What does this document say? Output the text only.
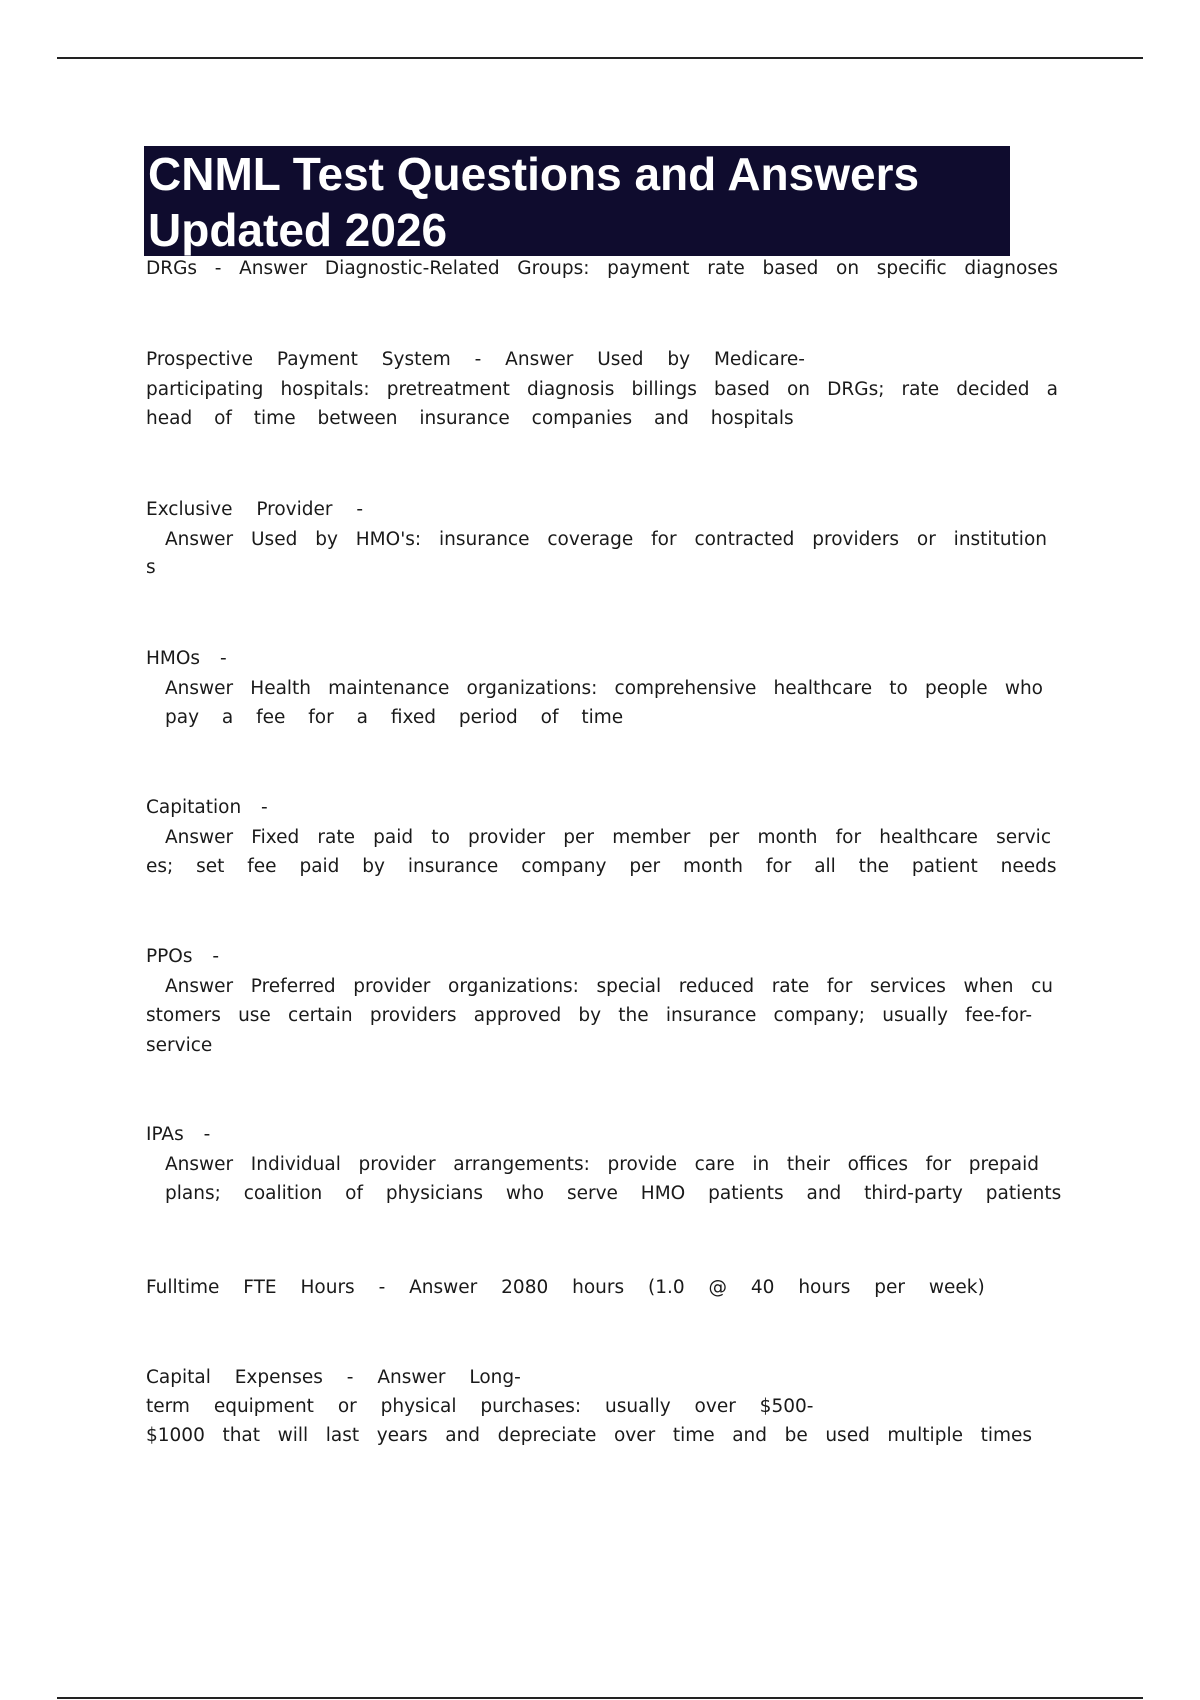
CNML Test Questions and Answers

Updated 2026

DRGs - Answer Diagnostic-Related Groups: payment rate based on specific diagnoses
Prospective Payment System - Answer Used by Medicare-
participating hospitals: pretreatment diagnosis billings based on DRGs; rate decided a
head of time between insurance companies and hospitals
Exclusive Provider -
Answer Used by HMO's: insurance coverage for contracted providers or institution
s
HMOs -
Answer Health maintenance organizations: comprehensive healthcare to people who
pay a fee for a fixed period of time
Capitation -
Answer Fixed rate paid to provider per member per month for healthcare servic
es; set fee paid by insurance company per month for all the patient needs
PPOs -
Answer Preferred provider organizations: special reduced rate for services when cu
stomers use certain providers approved by the insurance company; usually fee-for-
service
IPAs -
Answer Individual provider arrangements: provide care in their offices for prepaid
plans; coalition of physicians who serve HMO patients and third-party patients
Fulltime FTE Hours - Answer 2080 hours (1.0 @ 40 hours per week)
Capital Expenses - Answer Long-
term equipment or physical purchases: usually over $500-
$1000 that will last years and depreciate over time and be used multiple times
